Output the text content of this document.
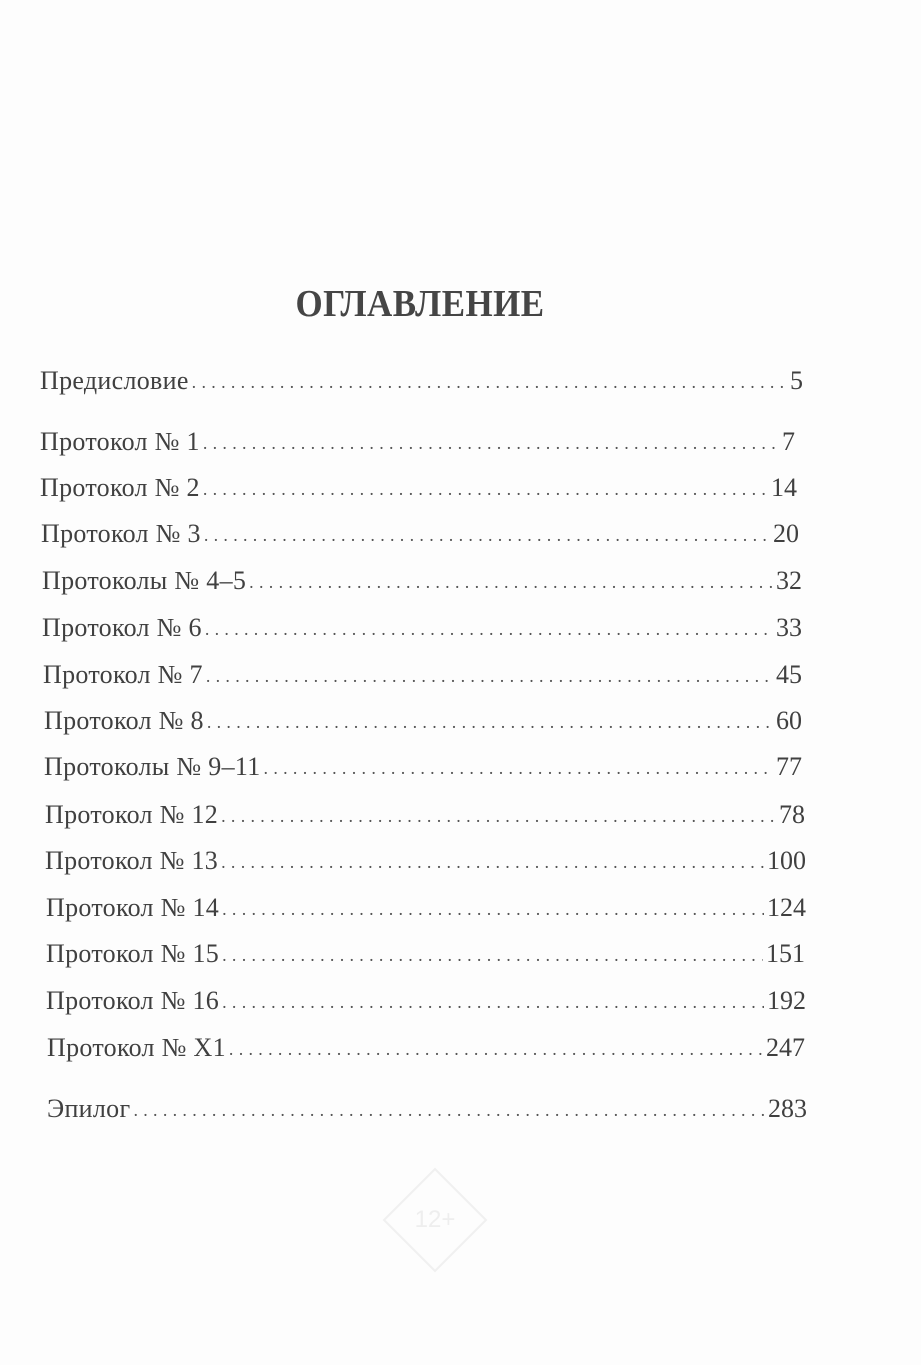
ОГЛАВЛЕНИЕ
Предисловие . . .	5
Протокол № 1 . . .	7
Протокол № 2 . . .	14
Протокол № 3 . . .	20
Протоколы № 4–5 . . .	32
Протокол № 6 . . .	33
Протокол № 7 . . .	45
Протокол № 8 . . .	60
Протоколы № 9–11 . . .	77
Протокол № 12 . . .	78
Протокол № 13 . . .	100
Протокол № 14 . . .	124
Протокол № 15 . . .	151
Протокол № 16 . . .	192
Протокол № Х1 . . .	247
Эпилог . . .	283
12+
